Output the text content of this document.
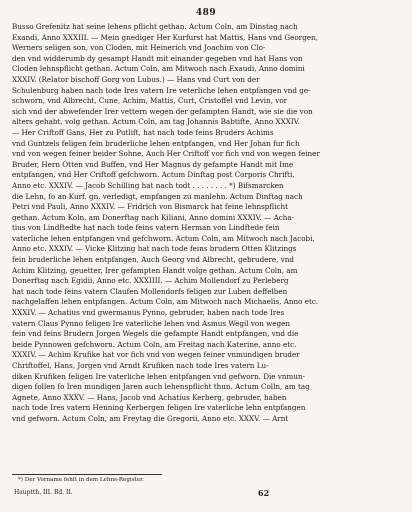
489
Busso Grefenitz hat seine lehens pflicht gethan. Actum Coln, am Dinstag nach
Exandi, Anno XXXIII. — Mein gnediger Her Kurfurst hat Mattis, Hans vnd Georgen,
Werners seligen son, von Cloden, mit Heinerich vnd Joachim von Clo-
den vnd widderumb dy gesampt Handt mit einander gegeben vnd hat Hans von
Cloden lehnspflicht gethan. Actum Coln, am Mitwoch nach Exaudi, Anno domini
XXXIV. (Relator bischoff Gorg von Lubus.) — Hans vnd Curt von der
Schulenburg haben nach tode Ires vatern Ire veterliche lehen entpfangen vnd ge-
schworn, vnd Albrecht, Cune, Achim, Mattis, Curt, Cristoffel vnd Levin, vor
sich vnd der abwefender Irer vettern wegen der gefampten Handt, wie sie die von
alters gehabt, volg gethan. Actum Coln, am tag Johannis Babtifte, Anno XXXIV.
— Her Criftoff Gans, Her zu Putlift, hat nach tode feins Bruders Achims
vnd Guntzels feligen fein bruderliche lehen entpfangen, vnd Her Johan fur fich
vnd von wegen feiner beider Sohne, Auch Her Criftoff vor fich vnd von wegen feiner
Bruder, Hern Otten vnd Buffen, vnd Her Magnus dy gefampte Handt mit Ime
entpfangen, vnd Her Criftoff gefchworn. Actum Dinftag post Corporis Chrifti,
Anno etc. XXXIV. — Jacob Schilling hat nach todt . . . . . . . . *) Bifsmarcken
die Lehn, fo an Kurf. gn. verledigt, empfangen zu manlehn. Actum Dinftag nach
Petri vnd Pauli, Anno XXXIV. — Fridrich von Bismarck hat feine lehnspflicht
gethan. Actum Koln, am Donerftag nach Kiliani, Anno domini XXXIV. — Acha-
tius von Lindftedte hat nach tode feins vatern Herman von Lindftede fein
vaterliche lehen entpfangen vnd gefchworn. Actum Coln, am Mitwoch nach Jacobi,
Anno etc. XXXIV. — Vicke Klitzing hat nach tode feins brudern Otten Klitzings
fein bruderliche lehen entpfangen, Auch Georg vnd Albrecht, gebrudere, vnd
Achim Klitzing, geuetter, Irer gefampten Handt volge gethan. Actum Coln, am
Donerftag nach Egidii, Anno etc. XXXIIII. — Achim Mollendorf zu Perleberg
hat nach tode feins vatern Claufen Mollendorfs feligen zur Luben deffelben
nachgelaffen lehen entpfangen. Actum Coln, am Mitwoch nach Michaelis, Anno etc.
XXXIV. — Achatius vnd gwermanus Pynno, gebruder, haben nach tode Ires
vatern Claus Pynno feligen Ire vaterliche lehen vnd Asmus Wegil von wegen
fein vnd feins Brudern Jorgen Wegels die gefampte Handt entpfangen, vnd die
beide Pynnowen gefchworn. Actum Coln, am Freitag nach Katerine, anno etc.
XXXIV. — Achim Krufike hat vor fich vnd von wegen feiner vnmundigen bruder
Chriftoffel, Hans, Jorgen vnd Arndt Krufiken nach tode Ires vatern Lu-
diken Krufiken feligen Ire vaterliche lehen entpfangen vnd gefworn. Die vnmun-
digen follen fo Iren mundigen Jaren auch lehenspflicht thun. Actum Colln, am tag
Agnete, Anno XXXV. — Hans, Jacob vnd Achatius Kerberg, gebruder, haben
nach tode Ires vatern Henning Kerbergen feligen Ire vaterliche lehn entpfangen
vnd gefworn. Actum Coln, am Freytag die Gregorii, Anno etc. XXXV. — Arnt
*) Der Vorname fehlt in dem Lehns-Register.
Hauptth. III. Bd. II.	62
